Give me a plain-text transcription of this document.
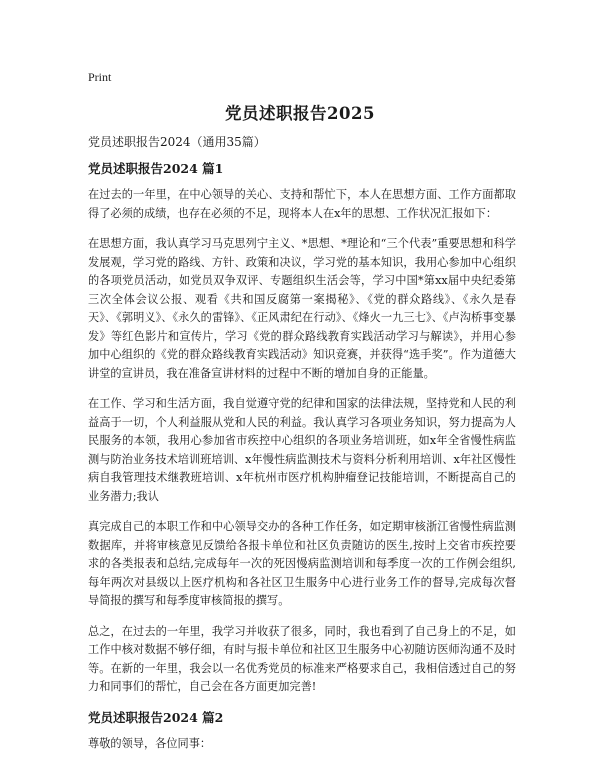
Print
党员述职报告2025
党员述职报告2024（通用35篇）
党员述职报告2024 篇1

在过去的一年里，在中心领导的关心、支持和帮忙下，本人在思想方面、工作方面都取得了必须的成绩，也存在必须的不足，现将本人在x年的思想、工作状况汇报如下：

在思想方面，我认真学习马克思列宁主义、*思想、*理论和“三个代表”重要思想和科学发展观，学习党的路线、方针、政策和决议，学习党的基本知识，我用心参加中心组织的各项党员活动，如党员双争双评、专题组织生活会等，学习中国*第xx届中央纪委第三次全体会议公报、观看《共和国反腐第一案揭秘》、《党的群众路线》、《永久是春天》、《郭明义》、《永久的雷锋》、《正风肃纪在行动》、《烽火一九三七》、《卢沟桥事变暴发》等红色影片和宣传片，学习《党的群众路线教育实践活动学习与解读》，并用心参加中心组织的《党的群众路线教育实践活动》知识竞赛，并获得“选手奖”。作为道德大讲堂的宣讲员，我在准备宣讲材料的过程中不断的增加自身的正能量。

在工作、学习和生活方面，我自觉遵守党的纪律和国家的法律法规，坚持党和人民的利益高于一切，个人利益服从党和人民的利益。我认真学习各项业务知识，努力提高为人民服务的本领，我用心参加省市疾控中心组织的各项业务培训班，如x年全省慢性病监测与防治业务技术培训班培训、x年慢性病监测技术与资料分析利用培训、x年社区慢性病自我管理技术继教班培训、x年杭州市医疗机构肿瘤登记技能培训，不断提高自己的业务潜力;我认

真完成自己的本职工作和中心领导交办的各种工作任务，如定期审核浙江省慢性病监测数据库，并将审核意见反馈给各报卡单位和社区负责随访的医生,按时上交省市疾控要求的各类报表和总结,完成每年一次的死因慢病监测培训和每季度一次的工作例会组织,每年两次对县级以上医疗机构和各社区卫生服务中心进行业务工作的督导,完成每次督导简报的撰写和每季度审核简报的撰写。

总之，在过去的一年里，我学习并收获了很多，同时，我也看到了自己身上的不足，如工作中核对数据不够仔细，有时与报卡单位和社区卫生服务中心初随访医师沟通不及时等。在新的一年里，我会以一名优秀党员的标准来严格要求自己，我相信透过自己的努力和同事们的帮忙，自己会在各方面更加完善!

党员述职报告2024 篇2

尊敬的领导，各位同事：
